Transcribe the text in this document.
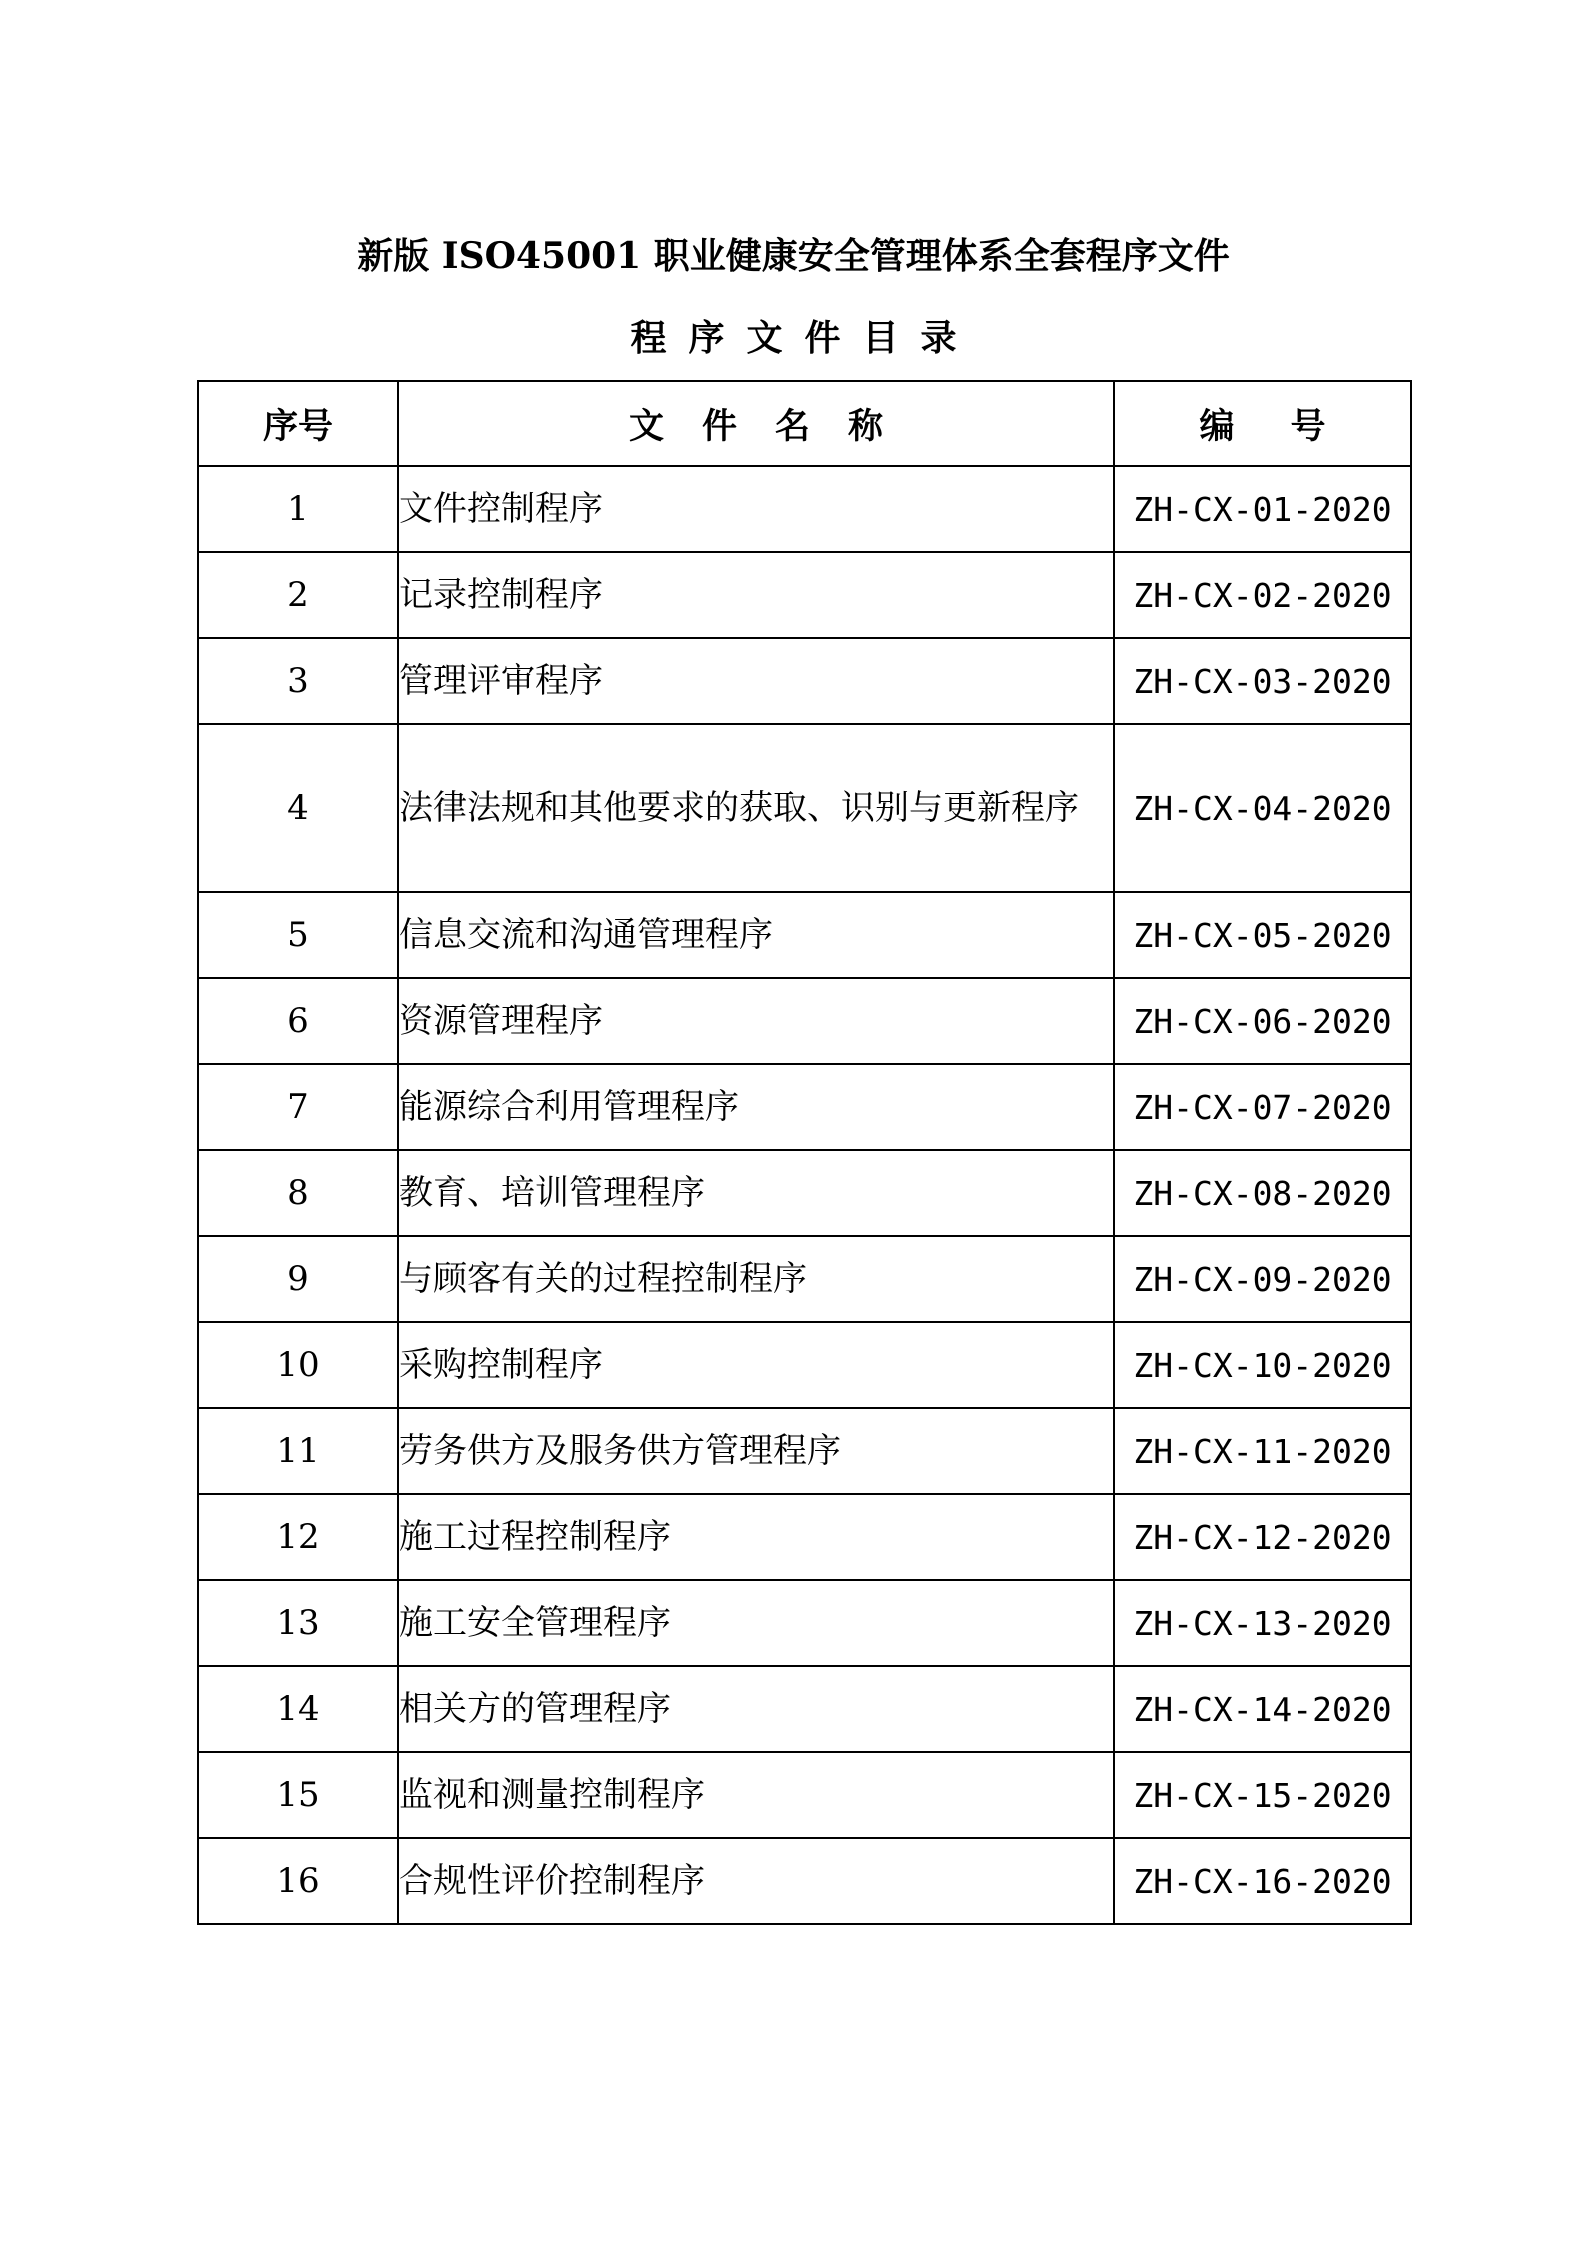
新版 ISO45001 职业健康安全管理体系全套程序文件
程序文件目录
序号	文件名称	编号
1	文件控制程序	ZH-CX-01-2020
2	记录控制程序	ZH-CX-02-2020
3	管理评审程序	ZH-CX-03-2020
4	法律法规和其他要求的获取、识别与更新程序	ZH-CX-04-2020
5	信息交流和沟通管理程序	ZH-CX-05-2020
6	资源管理程序	ZH-CX-06-2020
7	能源综合利用管理程序	ZH-CX-07-2020
8	教育、培训管理程序	ZH-CX-08-2020
9	与顾客有关的过程控制程序	ZH-CX-09-2020
10	采购控制程序	ZH-CX-10-2020
11	劳务供方及服务供方管理程序	ZH-CX-11-2020
12	施工过程控制程序	ZH-CX-12-2020
13	施工安全管理程序	ZH-CX-13-2020
14	相关方的管理程序	ZH-CX-14-2020
15	监视和测量控制程序	ZH-CX-15-2020
16	合规性评价控制程序	ZH-CX-16-2020
